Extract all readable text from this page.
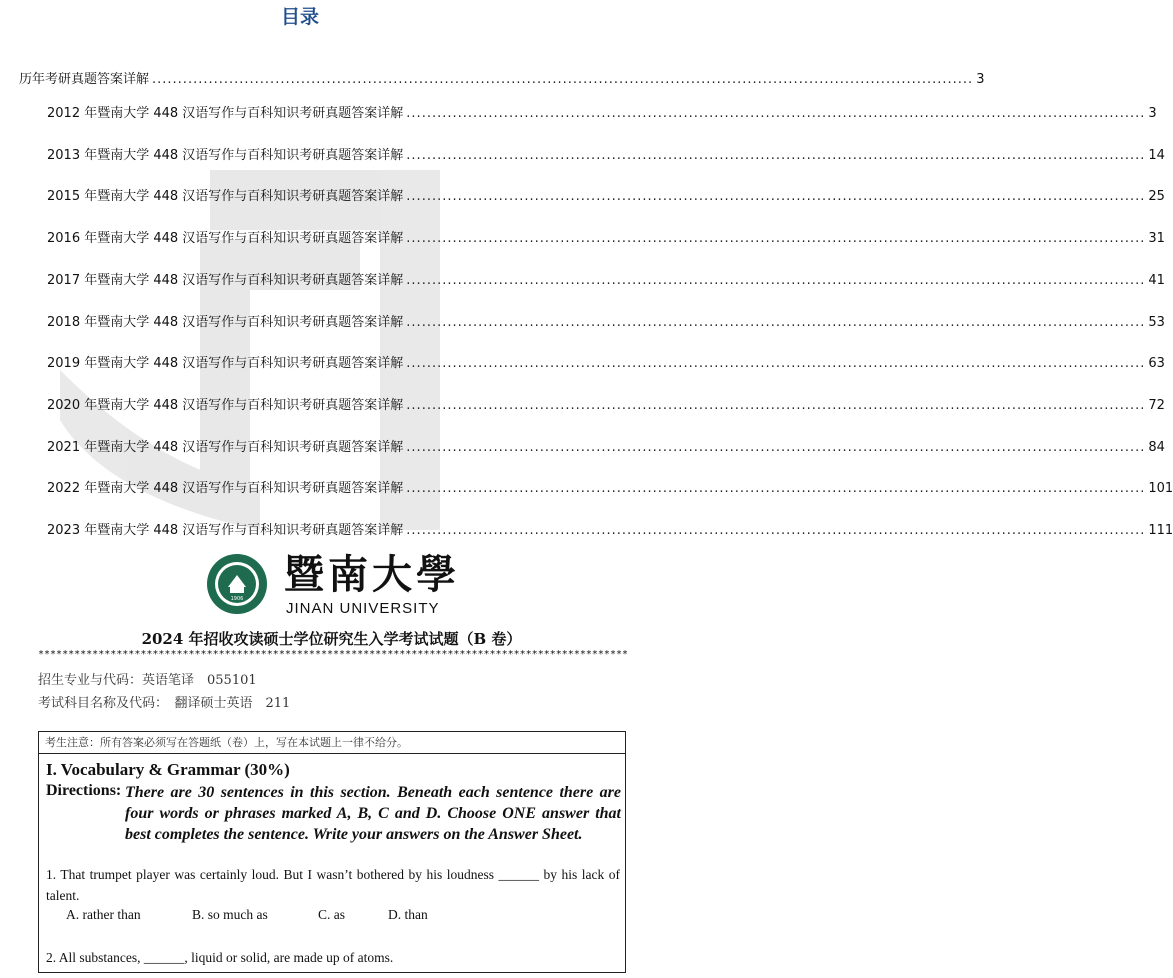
目录
历年考研真题答案详解 ................................................................................................................................................................ 3
2012 年暨南大学 448 汉语写作与百科知识考研真题答案详解 ................................................................................................................................................ 3
2013 年暨南大学 448 汉语写作与百科知识考研真题答案详解 ................................................................................................................................................ 14
2015 年暨南大学 448 汉语写作与百科知识考研真题答案详解 ................................................................................................................................................ 25
2016 年暨南大学 448 汉语写作与百科知识考研真题答案详解 ................................................................................................................................................ 31
2017 年暨南大学 448 汉语写作与百科知识考研真题答案详解 ................................................................................................................................................ 41
2018 年暨南大学 448 汉语写作与百科知识考研真题答案详解 ................................................................................................................................................ 53
2019 年暨南大学 448 汉语写作与百科知识考研真题答案详解 ................................................................................................................................................ 63
2020 年暨南大学 448 汉语写作与百科知识考研真题答案详解 ................................................................................................................................................ 72
2021 年暨南大学 448 汉语写作与百科知识考研真题答案详解 ................................................................................................................................................ 84
2022 年暨南大学 448 汉语写作与百科知识考研真题答案详解 ................................................................................................................................................ 101
2023 年暨南大学 448 汉语写作与百科知识考研真题答案详解 ................................................................................................................................................ 111
1906
暨南大學
JINAN UNIVERSITY
2024 年招收攻读硕士学位研究生入学考试试题（B 卷）
**************************************************************************************************
招生专业与代码：英语笔译　055101
考试科目名称及代码：　翻译硕士英语　211
考生注意：所有答案必须写在答题纸（卷）上，写在本试题上一律不给分。
I. Vocabulary & Grammar (30%)
Directions: There are 30 sentences in this section. Beneath each sentence there are four words or phrases marked A, B, C and D. Choose ONE answer that best completes the sentence. Write your answers on the Answer Sheet.
1. That trumpet player was certainly loud. But I wasn’t bothered by his loudness ______ by his lack of talent.
A. rather than	B. so much as	C. as	D. than
2. All substances, ______, liquid or solid, are made up of atoms.
